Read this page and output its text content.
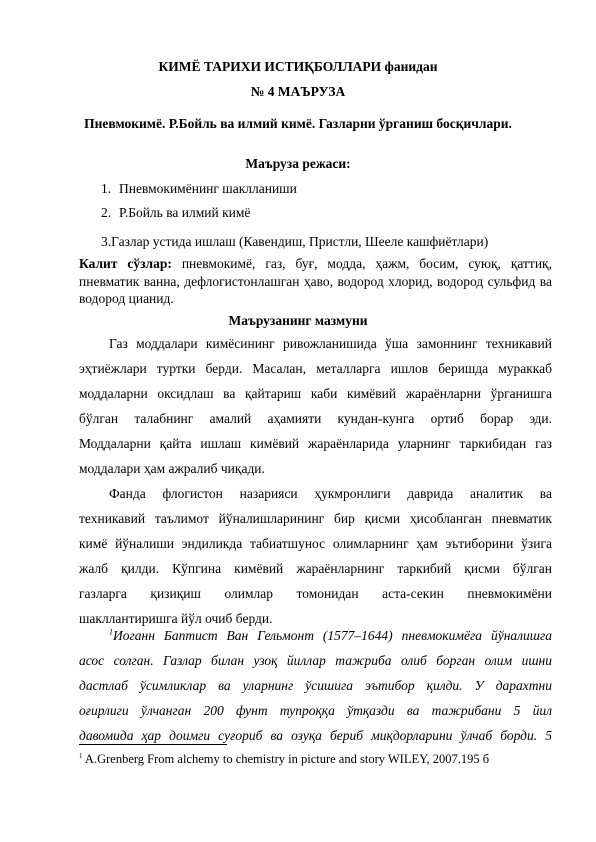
КИМЁ ТАРИХИ ИСТИҚБОЛЛАРИ фанидан
№ 4 МАЪРУЗА
Пневмокимё. Р.Бойль ва илмий кимё. Газларни ўрганиш босқичлари.
Маъруза режаси:
1. Пневмокимёнинг шаклланиши
2. Р.Бойль ва илмий кимё
3.Газлар устида ишлаш (Кавендиш, Пристли, Шееле кашфиётлари)
Калит сўзлар: пневмокимё, газ, буғ, модда, ҳажм, босим, суюқ, қаттиқ, пневматик ванна, дефлогистонлашган ҳаво, водород хлорид, водород сульфид ва водород цианид.
Маърузанинг мазмуни
Газ моддалари кимёсининг ривожланишида ўша замоннинг техникавий
эҳтиёжлари туртки берди. Масалан, металларга ишлов беришда мураккаб
моддаларни оксидлаш ва қайтариш каби кимёвий жараёнларни ўрганишга
бўлган талабнинг амалий аҳамияти кундан-кунга ортиб борар эди.
Моддаларни қайта ишлаш кимёвий жараёнларида уларнинг таркибидан газ
моддалари ҳам ажралиб чиқади.
Фанда флогистон назарияси ҳукмронлиги даврида аналитик ва
техникавий таълимот йўналишларининг бир қисми ҳисобланган пневматик
кимё йўналиши эндиликда табиатшунос олимларнинг ҳам эътиборини ўзига
жалб қилди. Кўпгина кимёвий жараёнларнинг таркибий қисми бўлган
газларга қизиқиш олимлар томонидан аста-секин пневмокимёни
шакллантиришга йўл очиб берди.
$^1$Иоганн Баптист Ван Гельмонт (1577–1644) пневмокимёга йўналишга
асос солган. Газлар билан узоқ йиллар тажриба олиб борган олим ишни
дастлаб ўсимликлар ва уларнинг ўсишига эътибор қилди. У дарахтни
оғирлиги ўлчанган 200 фунт тупроққа ўтқазди ва тажрибани 5 йил
давомида ҳар доимги суғориб ва озуқа бериб миқдорларини ўлчаб борди. 5
$^1$ A.Grenberg From alchemy to chemistry in picture and story WILEY, 2007.195 б
